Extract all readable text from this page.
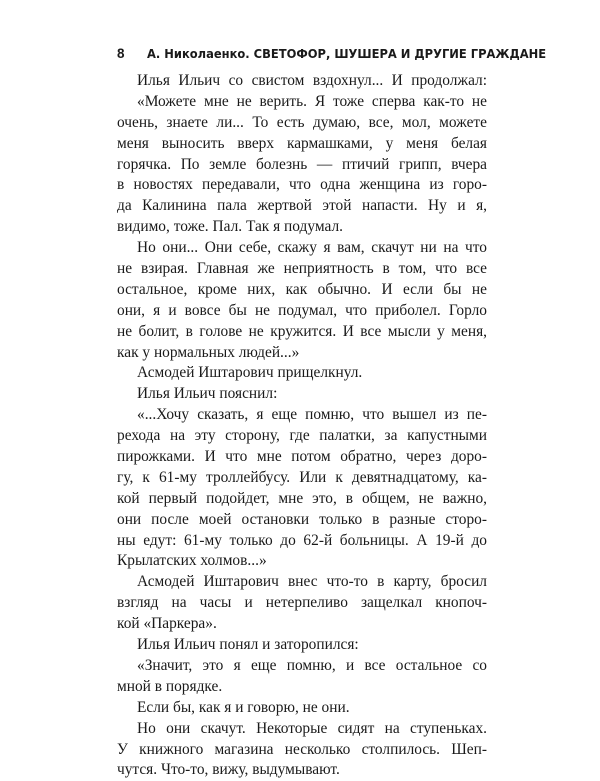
8 А. Николаенко. СВЕТОФОР, ШУШЕРА И ДРУГИЕ ГРАЖДАНЕ
Илья Ильич со свистом вздохнул... И продолжал:
«Можете мне не верить. Я тоже сперва как-то не
очень, знаете ли... То есть думаю, все, мол, можете
меня выносить вверх кармашками, у меня белая
горячка. По земле болезнь — птичий грипп, вчера
в новостях передавали, что одна женщина из горо-
да Калинина пала жертвой этой напасти. Ну и я,
видимо, тоже. Пал. Так я подумал.
Но они... Они себе, скажу я вам, скачут ни на что
не взирая. Главная же неприятность в том, что все
остальное, кроме них, как обычно. И если бы не
они, я и вовсе бы не подумал, что приболел. Горло
не болит, в голове не кружится. И все мысли у меня,
как у нормальных людей...»
Асмодей Иштарович прищелкнул.
Илья Ильич пояснил:
«...Хочу сказать, я еще помню, что вышел из пе-
рехода на эту сторону, где палатки, за капустными
пирожками. И что мне потом обратно, через доро-
гу, к 61-му троллейбусу. Или к девятнадцатому, ка-
кой первый подойдет, мне это, в общем, не важно,
они после моей остановки только в разные сторо-
ны едут: 61-му только до 62-й больницы. А 19-й до
Крылатских холмов...»
Асмодей Иштарович внес что-то в карту, бросил
взгляд на часы и нетерпеливо защелкал кнопоч-
кой «Паркера».
Илья Ильич понял и заторопился:
«Значит, это я еще помню, и все остальное со
мной в порядке.
Если бы, как я и говорю, не они.
Но они скачут. Некоторые сидят на ступеньках.
У книжного магазина несколько столпилось. Шеп-
чутся. Что-то, вижу, выдумывают.
